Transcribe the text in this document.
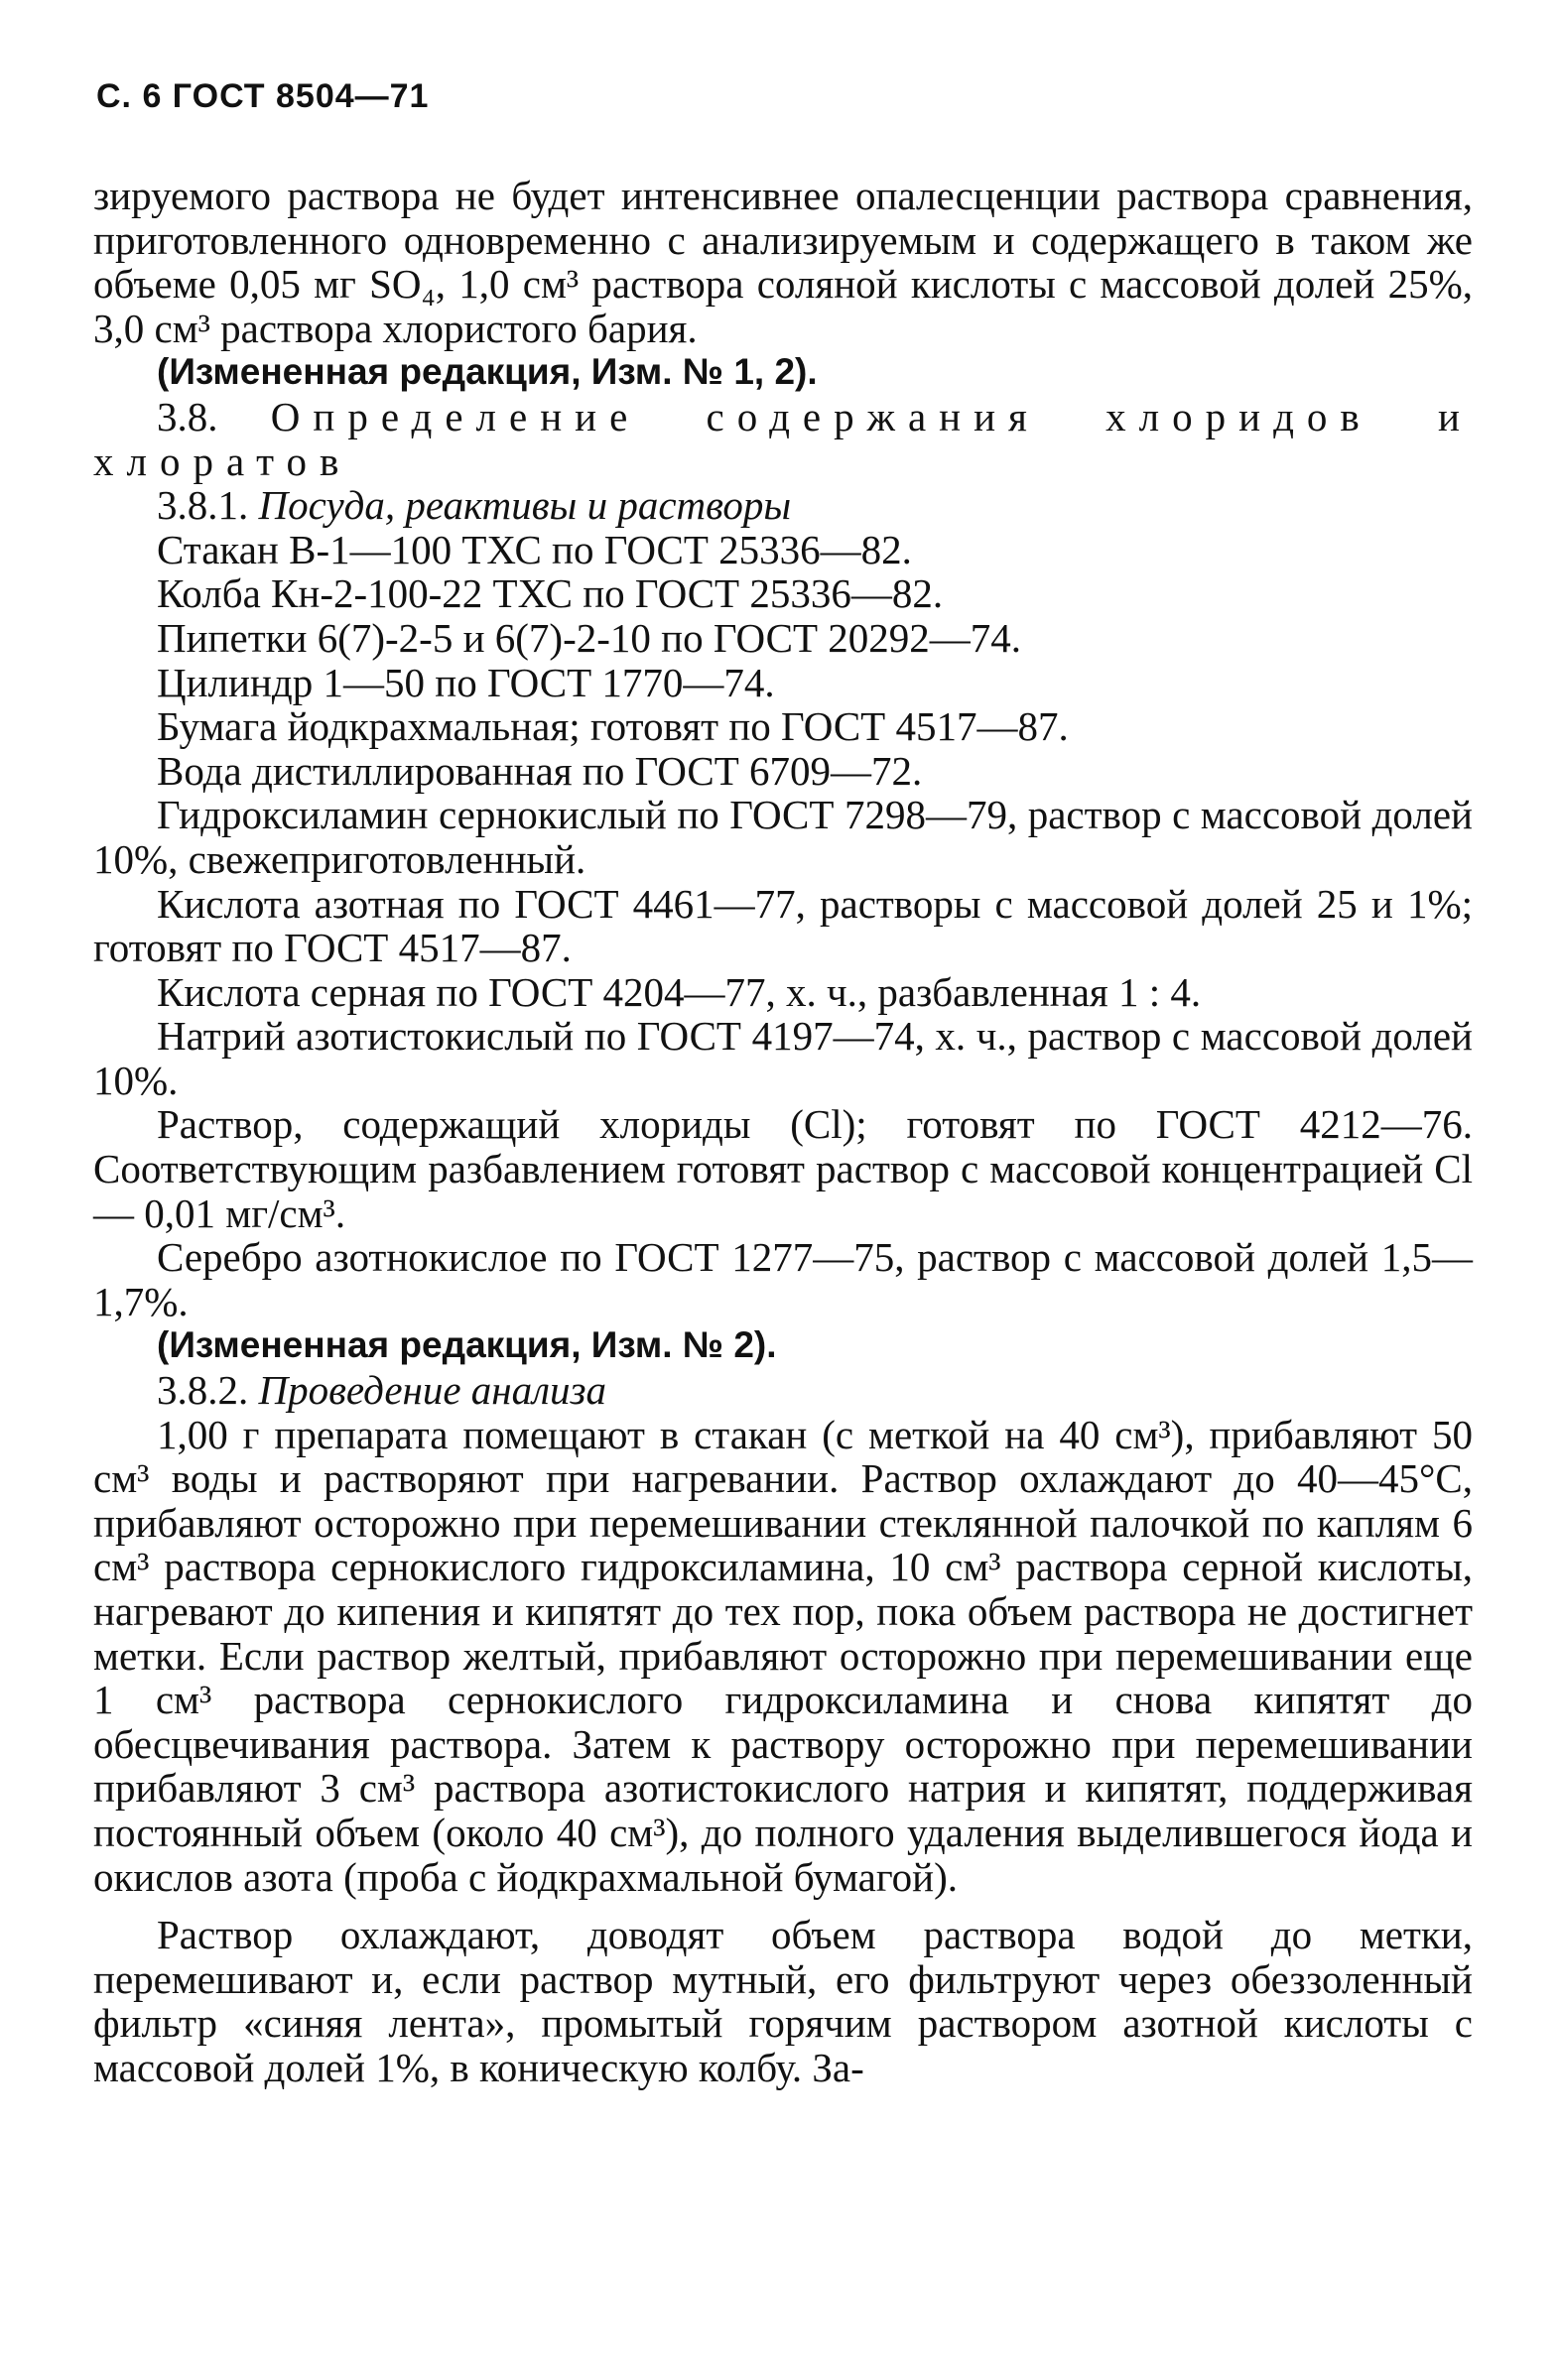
С. 6 ГОСТ 8504—71

зируемого раствора не будет интенсивнее опалесценции раствора сравнения, приготовленного одновременно с анализируемым и содержащего в таком же объеме 0,05 мг SO₄, 1,0 см³ раствора соляной кислоты с массовой долей 25%, 3,0 см³ раствора хлористого бария.

(Измененная редакция, Изм. № 1, 2).

3.8. Определение содержания хлоридов и хлоратов

3.8.1. Посуда, реактивы и растворы

Стакан В-1—100 ТХС по ГОСТ 25336—82.

Колба Кн-2-100-22 ТХС по ГОСТ 25336—82.

Пипетки 6(7)-2-5 и 6(7)-2-10 по ГОСТ 20292—74.

Цилиндр 1—50 по ГОСТ 1770—74.

Бумага йодкрахмальная; готовят по ГОСТ 4517—87.

Вода дистиллированная по ГОСТ 6709—72.

Гидроксиламин сернокислый по ГОСТ 7298—79, раствор с массовой долей 10%, свежеприготовленный.

Кислота азотная по ГОСТ 4461—77, растворы с массовой долей 25 и 1%; готовят по ГОСТ 4517—87.

Кислота серная по ГОСТ 4204—77, х. ч., разбавленная 1 : 4.

Натрий азотистокислый по ГОСТ 4197—74, х. ч., раствор с массовой долей 10%.

Раствор, содержащий хлориды (Cl); готовят по ГОСТ 4212—76. Соответствующим разбавлением готовят раствор с массовой концентрацией Cl — 0,01 мг/см³.

Серебро азотнокислое по ГОСТ 1277—75, раствор с массовой долей 1,5—1,7%.

(Измененная редакция, Изм. № 2).

3.8.2. Проведение анализа

1,00 г препарата помещают в стакан (с меткой на 40 см³), прибавляют 50 см³ воды и растворяют при нагревании. Раствор охлаждают до 40—45°С, прибавляют осторожно при перемешивании стеклянной палочкой по каплям 6 см³ раствора сернокислого гидроксиламина, 10 см³ раствора серной кислоты, нагревают до кипения и кипятят до тех пор, пока объем раствора не достигнет метки. Если раствор желтый, прибавляют осторожно при перемешивании еще 1 см³ раствора сернокислого гидроксиламина и снова кипятят до обесцвечивания раствора. Затем к раствору осторожно при перемешивании прибавляют 3 см³ раствора азотистокислого натрия и кипятят, поддерживая постоянный объем (около 40 см³), до полного удаления выделившегося йода и окислов азота (проба с йодкрахмальной бумагой).

Раствор охлаждают, доводят объем раствора водой до метки, перемешивают и, если раствор мутный, его фильтруют через обеззоленный фильтр «синяя лента», промытый горячим раствором азотной кислоты с массовой долей 1%, в коническую колбу. За-
